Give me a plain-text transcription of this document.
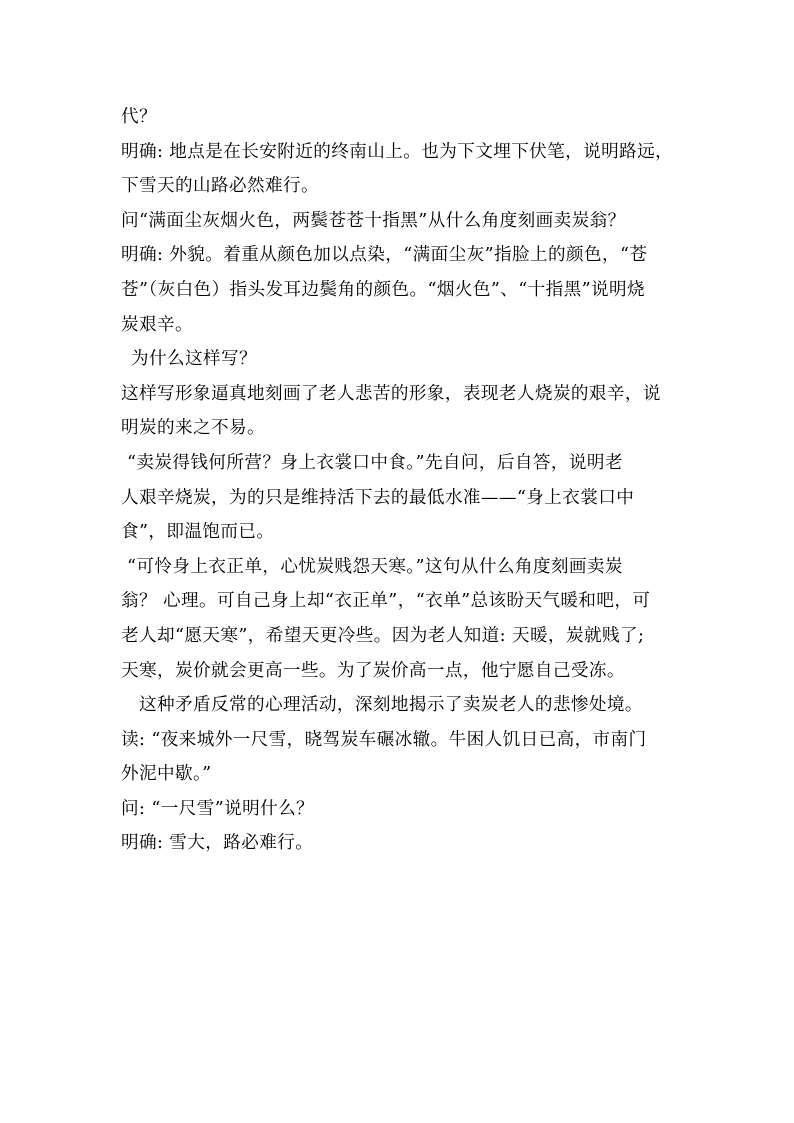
代？
明确: 地点是在长安附近的终南山上。也为下文埋下伏笔，说明路远，
下雪天的山路必然难行。
问“满面尘灰烟火色，两鬓苍苍十指黑”从什么角度刻画卖炭翁？
明确: 外貌。着重从颜色加以点染，“满面尘灰”指脸上的颜色，“苍
苍”（灰白色）指头发耳边鬓角的颜色。“烟火色”、“十指黑”说明烧
炭艰辛。
为什么这样写？
这样写形象逼真地刻画了老人悲苦的形象，表现老人烧炭的艰辛，说
明炭的来之不易。
“卖炭得钱何所营？身上衣裳口中食。”先自问，后自答，说明老
人艰辛烧炭，为的只是维持活下去的最低水准——“身上衣裳口中
食”，即温饱而已。
“可怜身上衣正单，心忧炭贱怨天寒。”这句从什么角度刻画卖炭
翁？ 心理。可自己身上却“衣正单”，“衣单”总该盼天气暖和吧，可
老人却“愿天寒”，希望天更冷些。因为老人知道: 天暖，炭就贱了;
天寒，炭价就会更高一些。为了炭价高一点，他宁愿自己受冻。
这种矛盾反常的心理活动，深刻地揭示了卖炭老人的悲惨处境。
读: “夜来城外一尺雪，晓驾炭车碾冰辙。牛困人饥日已高，市南门
外泥中歇。”
问: “一尺雪”说明什么？
明确: 雪大，路必难行。
